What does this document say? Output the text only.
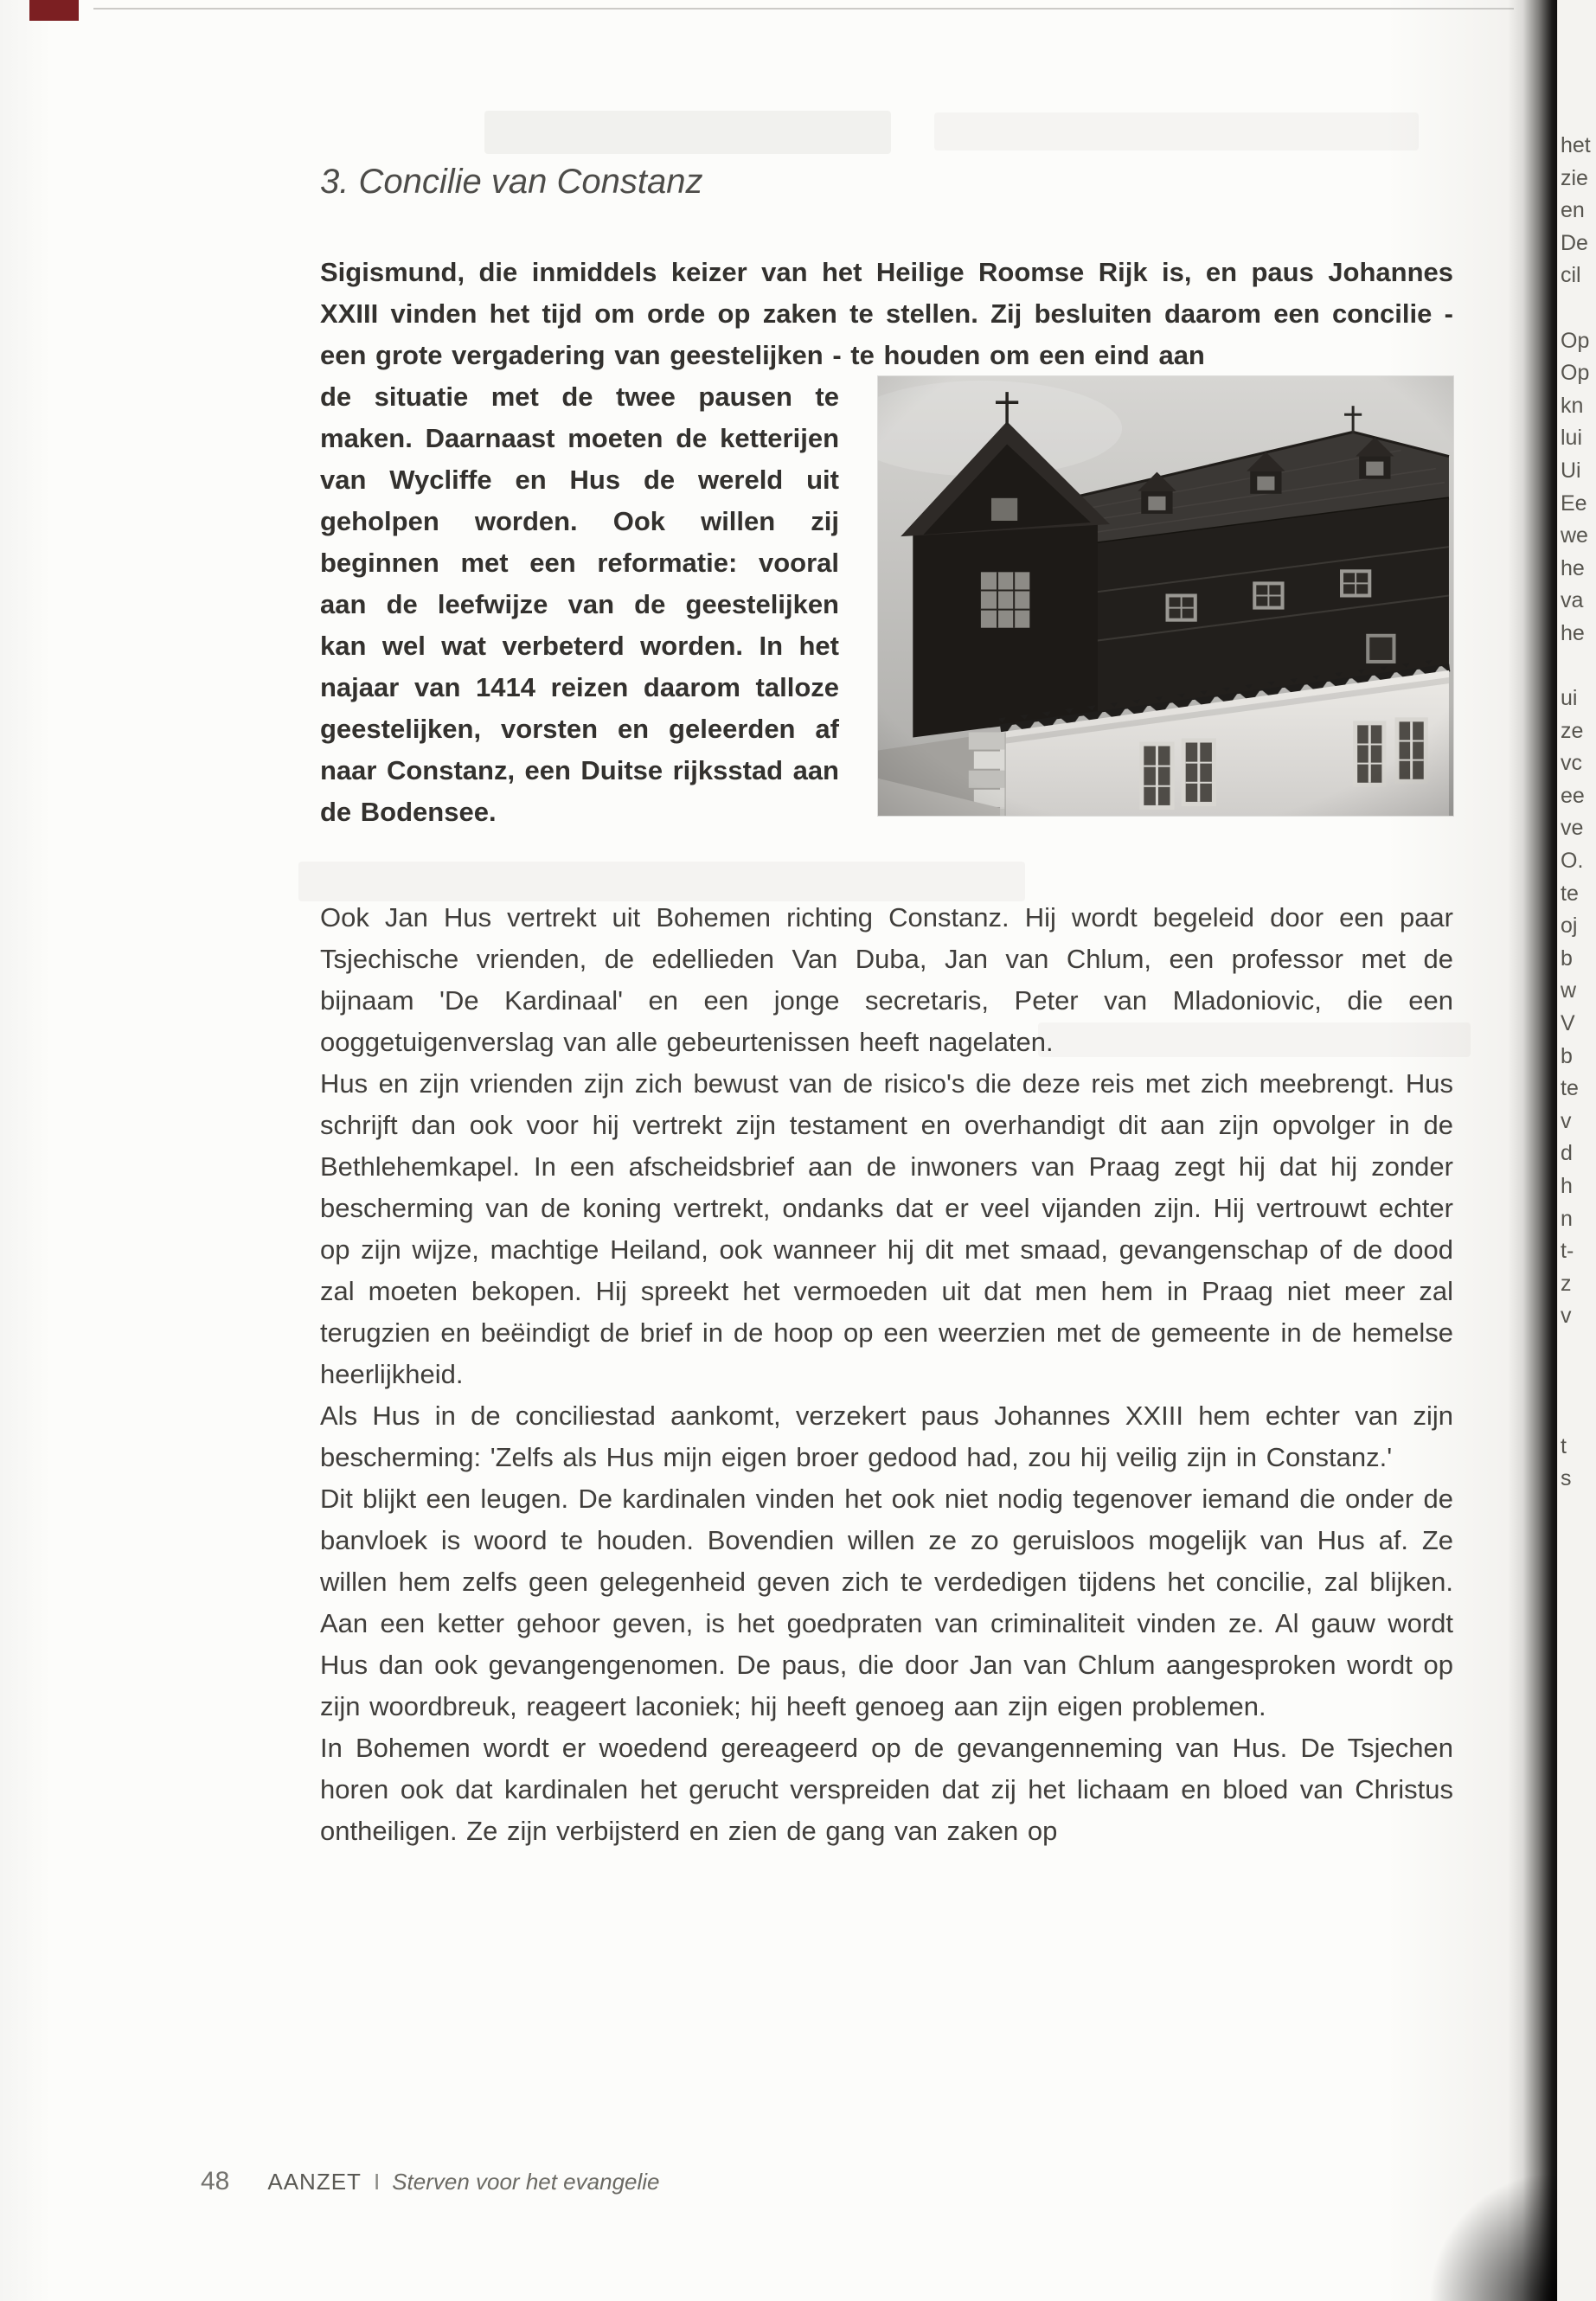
3. Concilie van Constanz

Sigismund, die inmiddels keizer van het Heilige Roomse Rijk is, en paus Johannes XXIII vinden het tijd om orde op zaken te stellen. Zij besluiten daarom een concilie - een grote vergadering van geestelijken - te houden om een eind aan

de situatie met de twee pausen te maken. Daarnaast moeten de ketterijen van Wycliffe en Hus de wereld uit geholpen worden. Ook willen zij beginnen met een reformatie: vooral aan de leefwijze van de geestelijken kan wel wat verbeterd worden. In het najaar van 1414 reizen daarom talloze geestelijken, vorsten en geleerden af naar Constanz, een Duitse rijksstad aan de Bodensee.

Ook Jan Hus vertrekt uit Bohemen richting Constanz. Hij wordt begeleid door een paar Tsjechische vrienden, de edellieden Van Duba, Jan van Chlum, een professor met de bijnaam 'De Kardinaal' en een jonge secretaris, Peter van Mladoniovic, die een ooggetuigenverslag van alle gebeurtenissen heeft nagelaten.

Hus en zijn vrienden zijn zich bewust van de risico's die deze reis met zich meebrengt. Hus schrijft dan ook voor hij vertrekt zijn testament en overhandigt dit aan zijn opvolger in de Bethlehemkapel. In een afscheidsbrief aan de inwoners van Praag zegt hij dat hij zonder bescherming van de koning vertrekt, ondanks dat er veel vijanden zijn. Hij vertrouwt echter op zijn wijze, machtige Heiland, ook wanneer hij dit met smaad, gevangenschap of de dood zal moeten bekopen. Hij spreekt het vermoeden uit dat men hem in Praag niet meer zal terugzien en beëindigt de brief in de hoop op een weerzien met de gemeente in de hemelse heerlijkheid.

Als Hus in de conciliestad aankomt, verzekert paus Johannes XXIII hem echter van zijn bescherming: 'Zelfs als Hus mijn eigen broer gedood had, zou hij veilig zijn in Constanz.'

Dit blijkt een leugen. De kardinalen vinden het ook niet nodig tegenover iemand die onder de banvloek is woord te houden. Bovendien willen ze zo geruisloos mogelijk van Hus af. Ze willen hem zelfs geen gelegenheid geven zich te verdedigen tijdens het concilie, zal blijken. Aan een ketter gehoor geven, is het goedpraten van criminaliteit vinden ze. Al gauw wordt Hus dan ook gevangengenomen. De paus, die door Jan van Chlum aangesproken wordt op zijn woordbreuk, reageert laconiek; hij heeft genoeg aan zijn eigen problemen.

In Bohemen wordt er woedend gereageerd op de gevangenneming van Hus. De Tsjechen horen ook dat kardinalen het gerucht verspreiden dat zij het lichaam en bloed van Christus ontheiligen. Ze zijn verbijsterd en zien de gang van zaken op

48 AANZET I Sterven voor het evangelie
het
zie
en
De
cil
Op
Op
kn
lui
Ui
Ee
we
he
va
he
ui
ze
vc
ee
ve
O.
te
oj
b
w
V
b
te
v
d
h
n
t-
z
v
t
s
